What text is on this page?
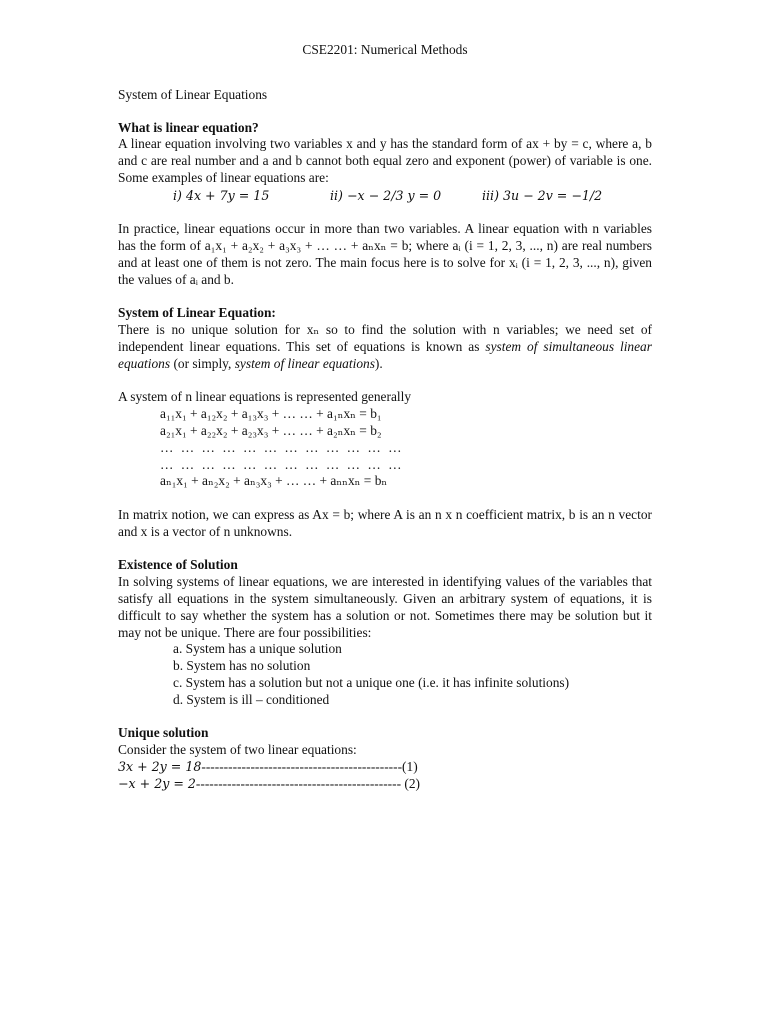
CSE2201: Numerical Methods
System of Linear Equations
What is linear equation?

A linear equation involving two variables x and y has the standard form of ax + by = c, where a, b and c are real number and a and b cannot both equal zero and exponent (power) of variable is one. Some examples of linear equations are:

i) 4x + 7y = 15	ii) −x − 2/3 y = 0	iii) 3u − 2v = −1/2

In practice, linear equations occur in more than two variables. A linear equation with n variables has the form of a₁x₁ + a₂x₂ + a₃x₃ + … … + aₙxₙ = b; where aᵢ (i = 1, 2, 3, ..., n) are real numbers and at least one of them is not zero. The main focus here is to solve for xᵢ (i = 1, 2, 3, ..., n), given the values of aᵢ and b.

System of Linear Equation:

There is no unique solution for xₙ so to find the solution with n variables; we need set of independent linear equations. This set of equations is known as system of simultaneous linear equations (or simply, system of linear equations).

A system of n linear equations is represented generally
a₁₁x₁ + a₁₂x₂ + a₁₃x₃ + … … + a₁ₙxₙ = b₁
a₂₁x₁ + a₂₂x₂ + a₂₃x₃ + … … + a₂ₙxₙ = b₂
… … … … … … … … … … … …
… … … … … … … … … … … …
aₙ₁x₁ + aₙ₂x₂ + aₙ₃x₃ + … … + aₙₙxₙ = bₙ

In matrix notion, we can express as Ax = b; where A is an n x n coefficient matrix, b is an n vector and x is a vector of n unknowns.

Existence of Solution

In solving systems of linear equations, we are interested in identifying values of the variables that satisfy all equations in the system simultaneously. Given an arbitrary system of equations, it is difficult to say whether the system has a solution or not. Sometimes there may be solution but it may not be unique. There are four possibilities:

a. System has a unique solution
b. System has no solution
c. System has a solution but not a unique one (i.e. it has infinite solutions)
d. System is ill – conditioned
Unique solution
Consider the system of two linear equations:
3x + 2y = 18 ---------------------------------------------(1)
−x + 2y = 2 ---------------------------------------------- (2)
